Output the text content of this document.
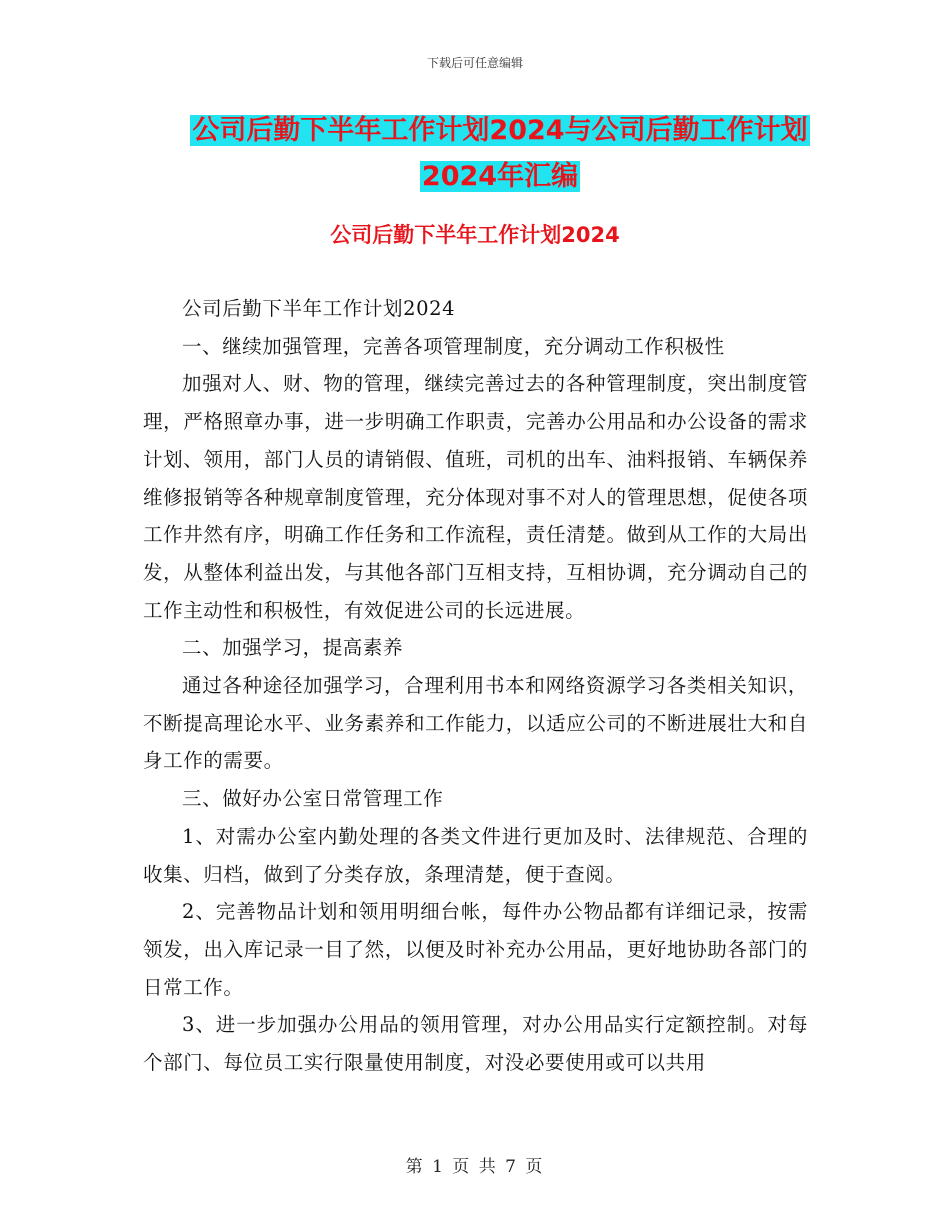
下载后可任意编辑
公司后勤下半年工作计划2024与公司后勤工作计划
2024年汇编
公司后勤下半年工作计划2024

公司后勤下半年工作计划2024

一、继续加强管理，完善各项管理制度，充分调动工作积极性

加强对人、财、物的管理，继续完善过去的各种管理制度，突出制度管理，严格照章办事，进一步明确工作职责，完善办公用品和办公设备的需求计划、领用，部门人员的请销假、值班，司机的出车、油料报销、车辆保养维修报销等各种规章制度管理，充分体现对事不对人的管理思想，促使各项工作井然有序，明确工作任务和工作流程，责任清楚。做到从工作的大局出发，从整体利益出发，与其他各部门互相支持，互相协调，充分调动自己的工作主动性和积极性，有效促进公司的长远进展。

二、加强学习，提高素养

通过各种途径加强学习，合理利用书本和网络资源学习各类相关知识，不断提高理论水平、业务素养和工作能力，以适应公司的不断进展壮大和自身工作的需要。

三、做好办公室日常管理工作

1、对需办公室内勤处理的各类文件进行更加及时、法律规范、合理的收集、归档，做到了分类存放，条理清楚，便于查阅。

2、完善物品计划和领用明细台帐，每件办公物品都有详细记录，按需领发，出入库记录一目了然，以便及时补充办公用品，更好地协助各部门的日常工作。

3、进一步加强办公用品的领用管理，对办公用品实行定额控制。对每个部门、每位员工实行限量使用制度，对没必要使用或可以共用

第 1 页 共 7 页
